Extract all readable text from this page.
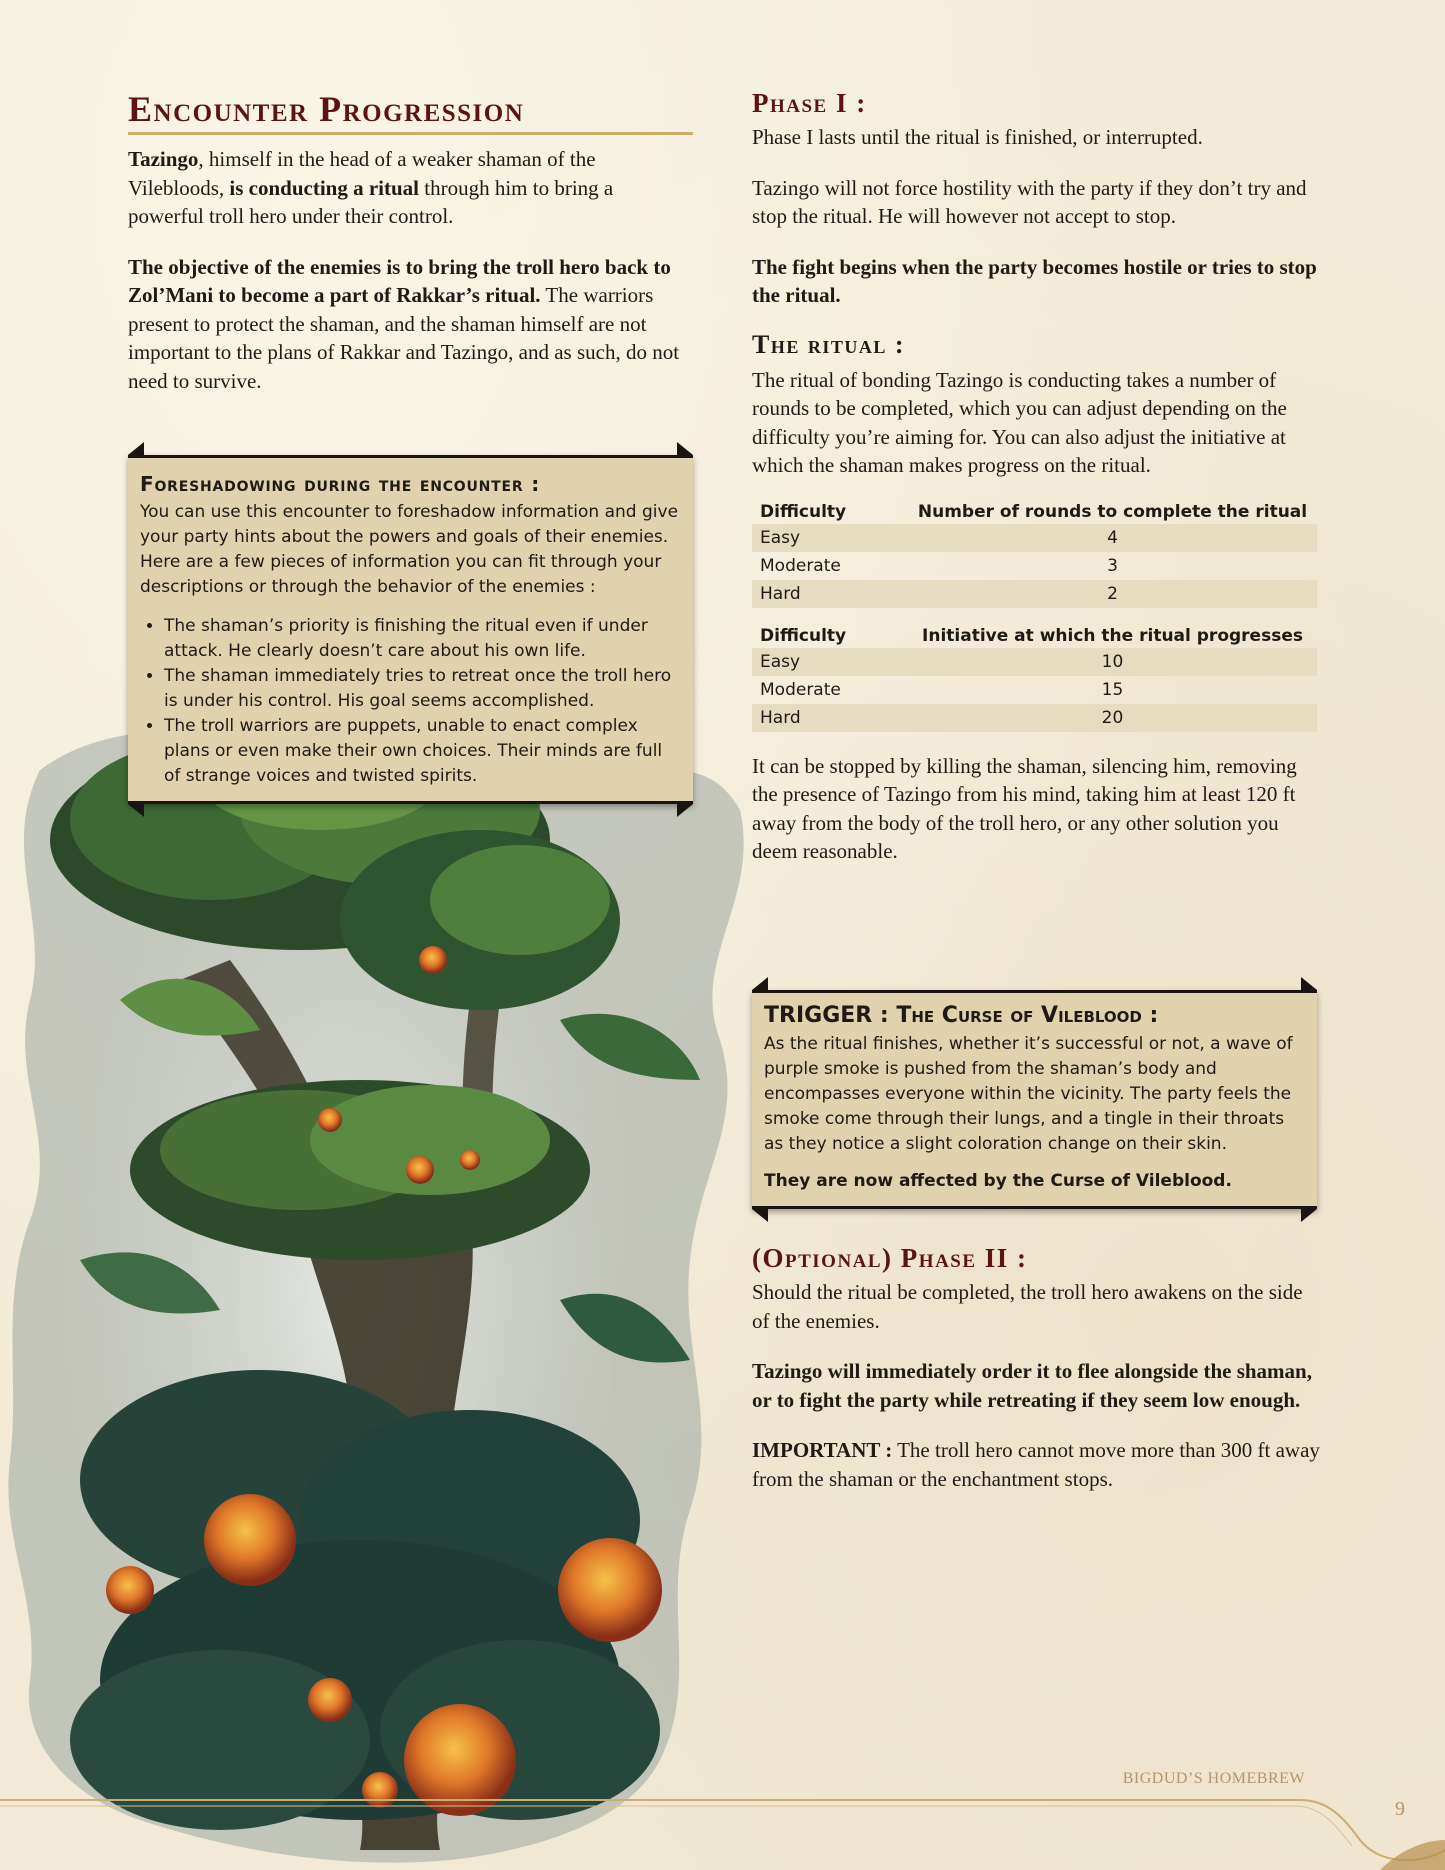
Encounter Progression

Tazingo, himself in the head of a weaker shaman of the Vilebloods, is conducting a ritual through him to bring a powerful troll hero under their control.

The objective of the enemies is to bring the troll hero back to Zol’Mani to become a part of Rakkar’s ritual. The warriors present to protect the shaman, and the shaman himself are not important to the plans of Rakkar and Tazingo, and as such, do not need to survive.

Foreshadowing during the encounter :

You can use this encounter to foreshadow information and give your party hints about the powers and goals of their enemies. Here are a few pieces of information you can fit through your descriptions or through the behavior of the enemies :

• The shaman’s priority is finishing the ritual even if under attack. He clearly doesn’t care about his own life.
• The shaman immediately tries to retreat once the troll hero is under his control. His goal seems accomplished.
• The troll warriors are puppets, unable to enact complex plans or even make their own choices. Their minds are full of strange voices and twisted spirits.
Phase I :

Phase I lasts until the ritual is finished, or interrupted.

Tazingo will not force hostility with the party if they don’t try and stop the ritual. He will however not accept to stop.

The fight begins when the party becomes hostile or tries to stop the ritual.

The ritual :

The ritual of bonding Tazingo is conducting takes a number of rounds to be completed, which you can adjust depending on the difficulty you’re aiming for. You can also adjust the initiative at which the shaman makes progress on the ritual.

Difficulty	Number of rounds to complete the ritual
Easy	4
Moderate	3
Hard	2
Difficulty	Initiative at which the ritual progresses
Easy	10
Moderate	15
Hard	20

It can be stopped by killing the shaman, silencing him, removing the presence of Tazingo from his mind, taking him at least 120 ft away from the body of the troll hero, or any other solution you deem reasonable.

TRIGGER : The Curse of Vileblood :

As the ritual finishes, whether it’s successful or not, a wave of purple smoke is pushed from the shaman’s body and encompasses everyone within the vicinity. The party feels the smoke come through their lungs, and a tingle in their throats as they notice a slight coloration change on their skin.

They are now affected by the Curse of Vileblood.

(Optional) Phase II :

Should the ritual be completed, the troll hero awakens on the side of the enemies.

Tazingo will immediately order it to flee alongside the shaman, or to fight the party while retreating if they seem low enough.

IMPORTANT : The troll hero cannot move more than 300 ft away from the shaman or the enchantment stops.

BIGDUD’S HOMEBREW
9
